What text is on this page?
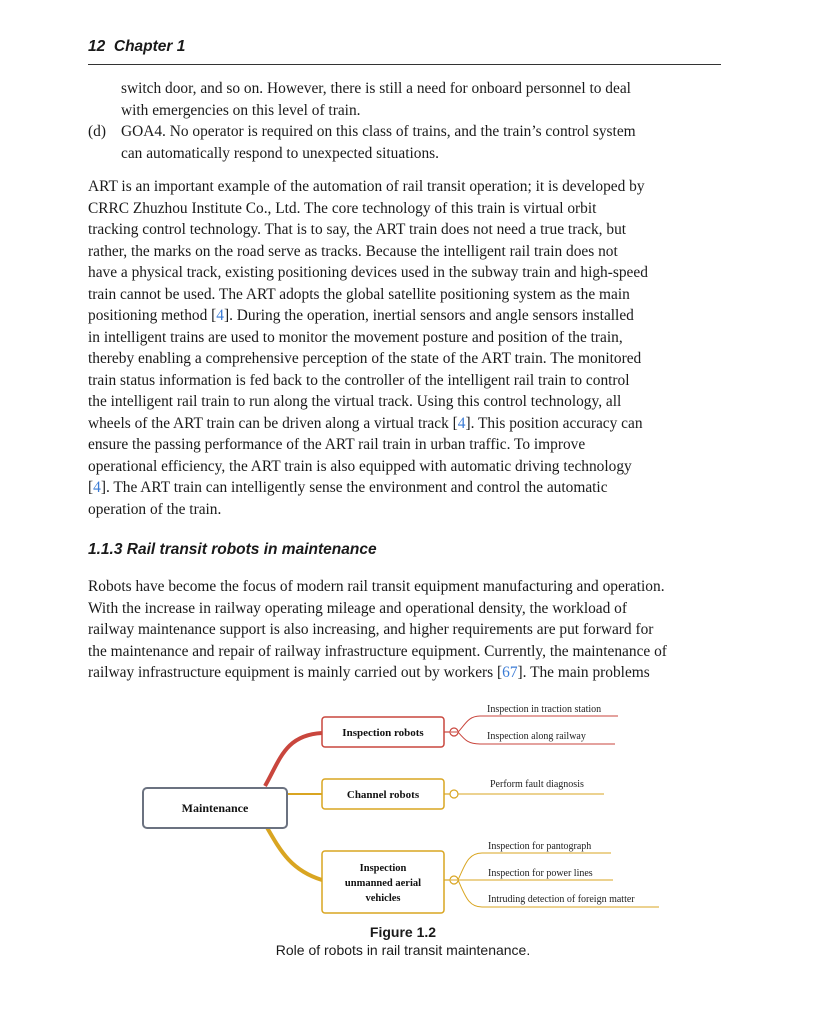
12 Chapter 1
switch door, and so on. However, there is still a need for onboard personnel to deal
with emergencies on this level of train.
(d) GOA4. No operator is required on this class of trains, and the train’s control system
can automatically respond to unexpected situations.
ART is an important example of the automation of rail transit operation; it is developed by
CRRC Zhuzhou Institute Co., Ltd. The core technology of this train is virtual orbit
tracking control technology. That is to say, the ART train does not need a true track, but
rather, the marks on the road serve as tracks. Because the intelligent rail train does not
have a physical track, existing positioning devices used in the subway train and high-speed
train cannot be used. The ART adopts the global satellite positioning system as the main
positioning method [4]. During the operation, inertial sensors and angle sensors installed
in intelligent trains are used to monitor the movement posture and position of the train,
thereby enabling a comprehensive perception of the state of the ART train. The monitored
train status information is fed back to the controller of the intelligent rail train to control
the intelligent rail train to run along the virtual track. Using this control technology, all
wheels of the ART train can be driven along a virtual track [4]. This position accuracy can
ensure the passing performance of the ART rail train in urban traffic. To improve
operational efficiency, the ART train is also equipped with automatic driving technology
[4]. The ART train can intelligently sense the environment and control the automatic
operation of the train.
1.1.3 Rail transit robots in maintenance
Robots have become the focus of modern rail transit equipment manufacturing and operation.
With the increase in railway operating mileage and operational density, the workload of
railway maintenance support is also increasing, and higher requirements are put forward for
the maintenance and repair of railway infrastructure equipment. Currently, the maintenance of
railway infrastructure equipment is mainly carried out by workers [67]. The main problems
Maintenance
Inspection robots
Inspection in traction station
Inspection along railway
Channel robots
Perform fault diagnosis
Inspection
unmanned aerial
vehicles
Inspection for pantograph
Inspection for power lines
Intruding detection of foreign matter
Figure 1.2
Role of robots in rail transit maintenance.
